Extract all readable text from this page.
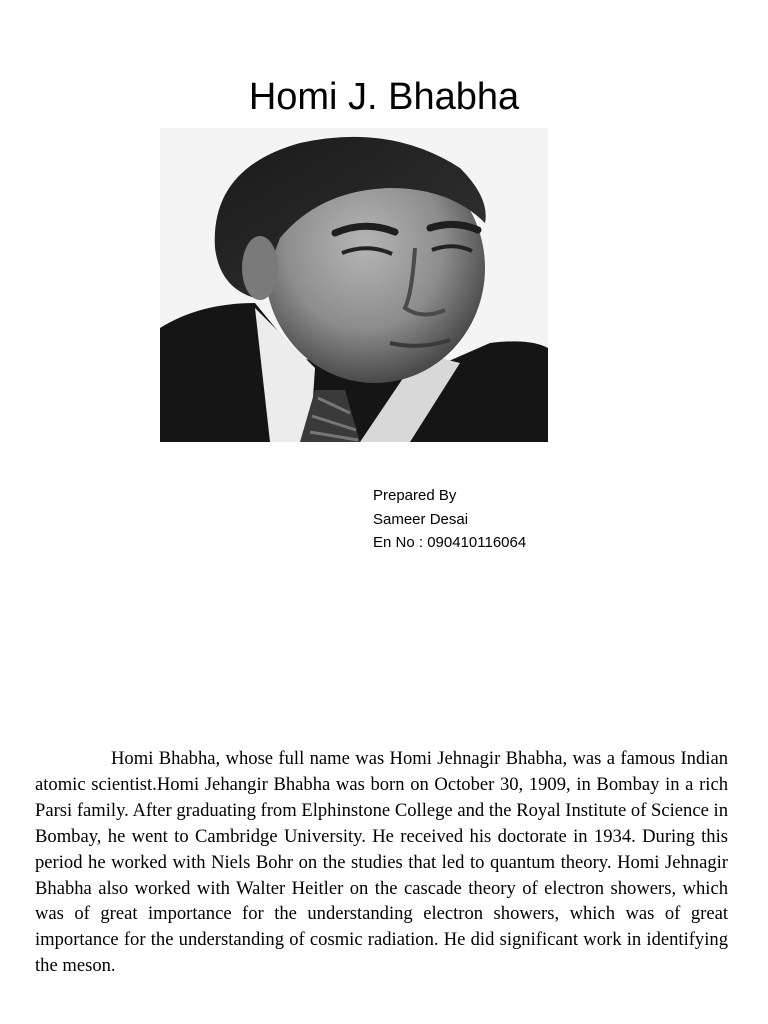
Homi J. Bhabha
Prepared By
Sameer Desai
En No : 090410116064

Homi Bhabha, whose full name was Homi Jehnagir Bhabha, was a famous Indian atomic scientist.Homi Jehangir Bhabha was born on October 30, 1909, in Bombay in a rich Parsi family. After graduating from Elphinstone College and the Royal Institute of Science in Bombay, he went to Cambridge University. He received his doctorate in 1934. During this period he worked with Niels Bohr on the studies that led to quantum theory. Homi Jehnagir Bhabha also worked with Walter Heitler on the cascade theory of electron showers, which was of great importance for the understanding electron showers, which was of great importance for the understanding of cosmic radiation. He did significant work in identifying the meson.
